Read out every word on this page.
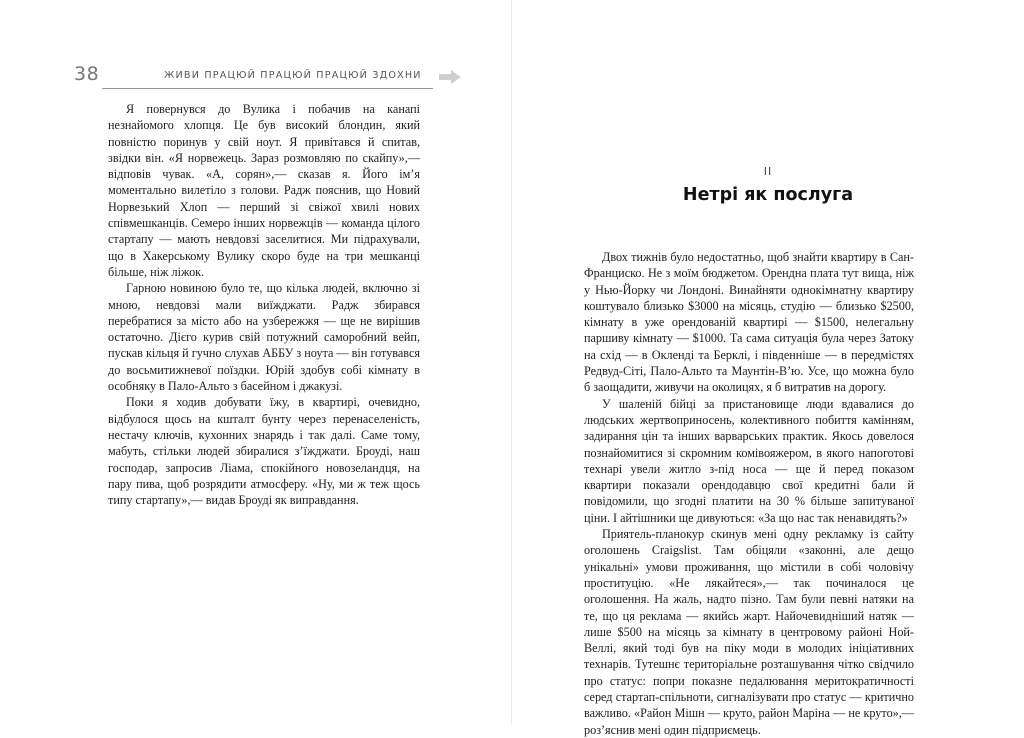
38	ЖИВИ ПРАЦЮЙ ПРАЦЮЙ ПРАЦЮЙ ЗДОХНИ

Я повернувся до Вулика і побачив на канапі незнайомого хлопця. Це був високий блондин, який повністю поринув у свій ноут. Я привітався й спитав, звідки він. «Я норвежець. Зараз розмовляю по скайпу»,— відповів чувак. «А, сорян»,— сказав я. Його ім’я моментально вилетіло з голови. Радж пояснив, що Новий Норвезький Хлоп — перший зі свіжої хвилі нових співмешканців. Семеро інших норвежців — команда цілого стартапу — мають невдовзі заселитися. Ми підрахували, що в Хакерському Вулику скоро буде на три мешканці більше, ніж ліжок.

Гарною новиною було те, що кілька людей, включно зі мною, невдовзі мали виїжджати. Радж збирався перебратися за місто або на узбережжя — ще не вирішив остаточно. Дієго курив свій потужний саморобний вейп, пускав кільця й гучно слухав АББУ з ноута — він готувався до восьмитижневої поїздки. Юрій здобув собі кімнату в особняку в Пало-Альто з басейном і джакузі.

Поки я ходив добувати їжу, в квартирі, очевидно, відбулося щось на кшталт бунту через перенаселеність, нестачу ключів, кухонних знарядь і так далі. Саме тому, мабуть, стільки людей збиралися з’їжджати. Броуді, наш господар, запросив Ліама, спокійного новозеландця, на пару пива, щоб розрядити атмосферу. «Ну, ми ж теж щось типу стартапу»,— видав Броуді як виправдання.

II
Нетрі як послуга

Двох тижнів було недостатньо, щоб знайти квартиру в Сан-Франциско. Не з моїм бюджетом. Орендна плата тут вища, ніж у Нью-Йорку чи Лондоні. Винайняти однокімнатну квартиру коштувало близько $3000 на місяць, студію — близько $2500, кімнату в уже орендованій квартирі — $1500, нелегальну паршиву кімнату — $1000. Та сама ситуація була через Затоку на схід — в Окленді та Берклі, і південніше — в передмістях Редвуд-Сіті, Пало-Альто та Маунтін-В’ю. Усе, що можна було б заощадити, живучи на околицях, я б витратив на дорогу.

У шаленій бійці за пристановище люди вдавалися до людських жертвоприносень, колективного побиття камінням, задирання цін та інших варварських практик. Якось довелося познайомитися зі скромним комівояжером, в якого напоготові технарі увели житло з-під носа — ще й перед показом квартири показали орендодавцю свої кредитні бали й повідомили, що згодні платити на 30 % більше запитуваної ціни. І айтішники ще дивуються: «За що нас так ненавидять?»

Приятель-планокур скинув мені одну рекламку із сайту оголошень Craigslist. Там обіцяли «законні, але дещо унікальні» умови проживання, що містили в собі чоловічу проституцію. «Не лякайтеся»,— так починалося це оголошення. На жаль, надто пізно. Там були певні натяки на те, що ця реклама — якийсь жарт. Найочевидніший натяк — лише $500 на місяць за кімнату в центровому районі Ной-Веллі, який тоді був на піку моди в молодих ініціативних технарів. Тутешнє територіальне розташування чітко свідчило про статус: попри показне педалювання меритократичності серед стартап-спільноти, сигналізувати про статус — критично важливо. «Район Мішн — круто, район Марiна — не круто»,— роз’яснив мені один підприємець.
